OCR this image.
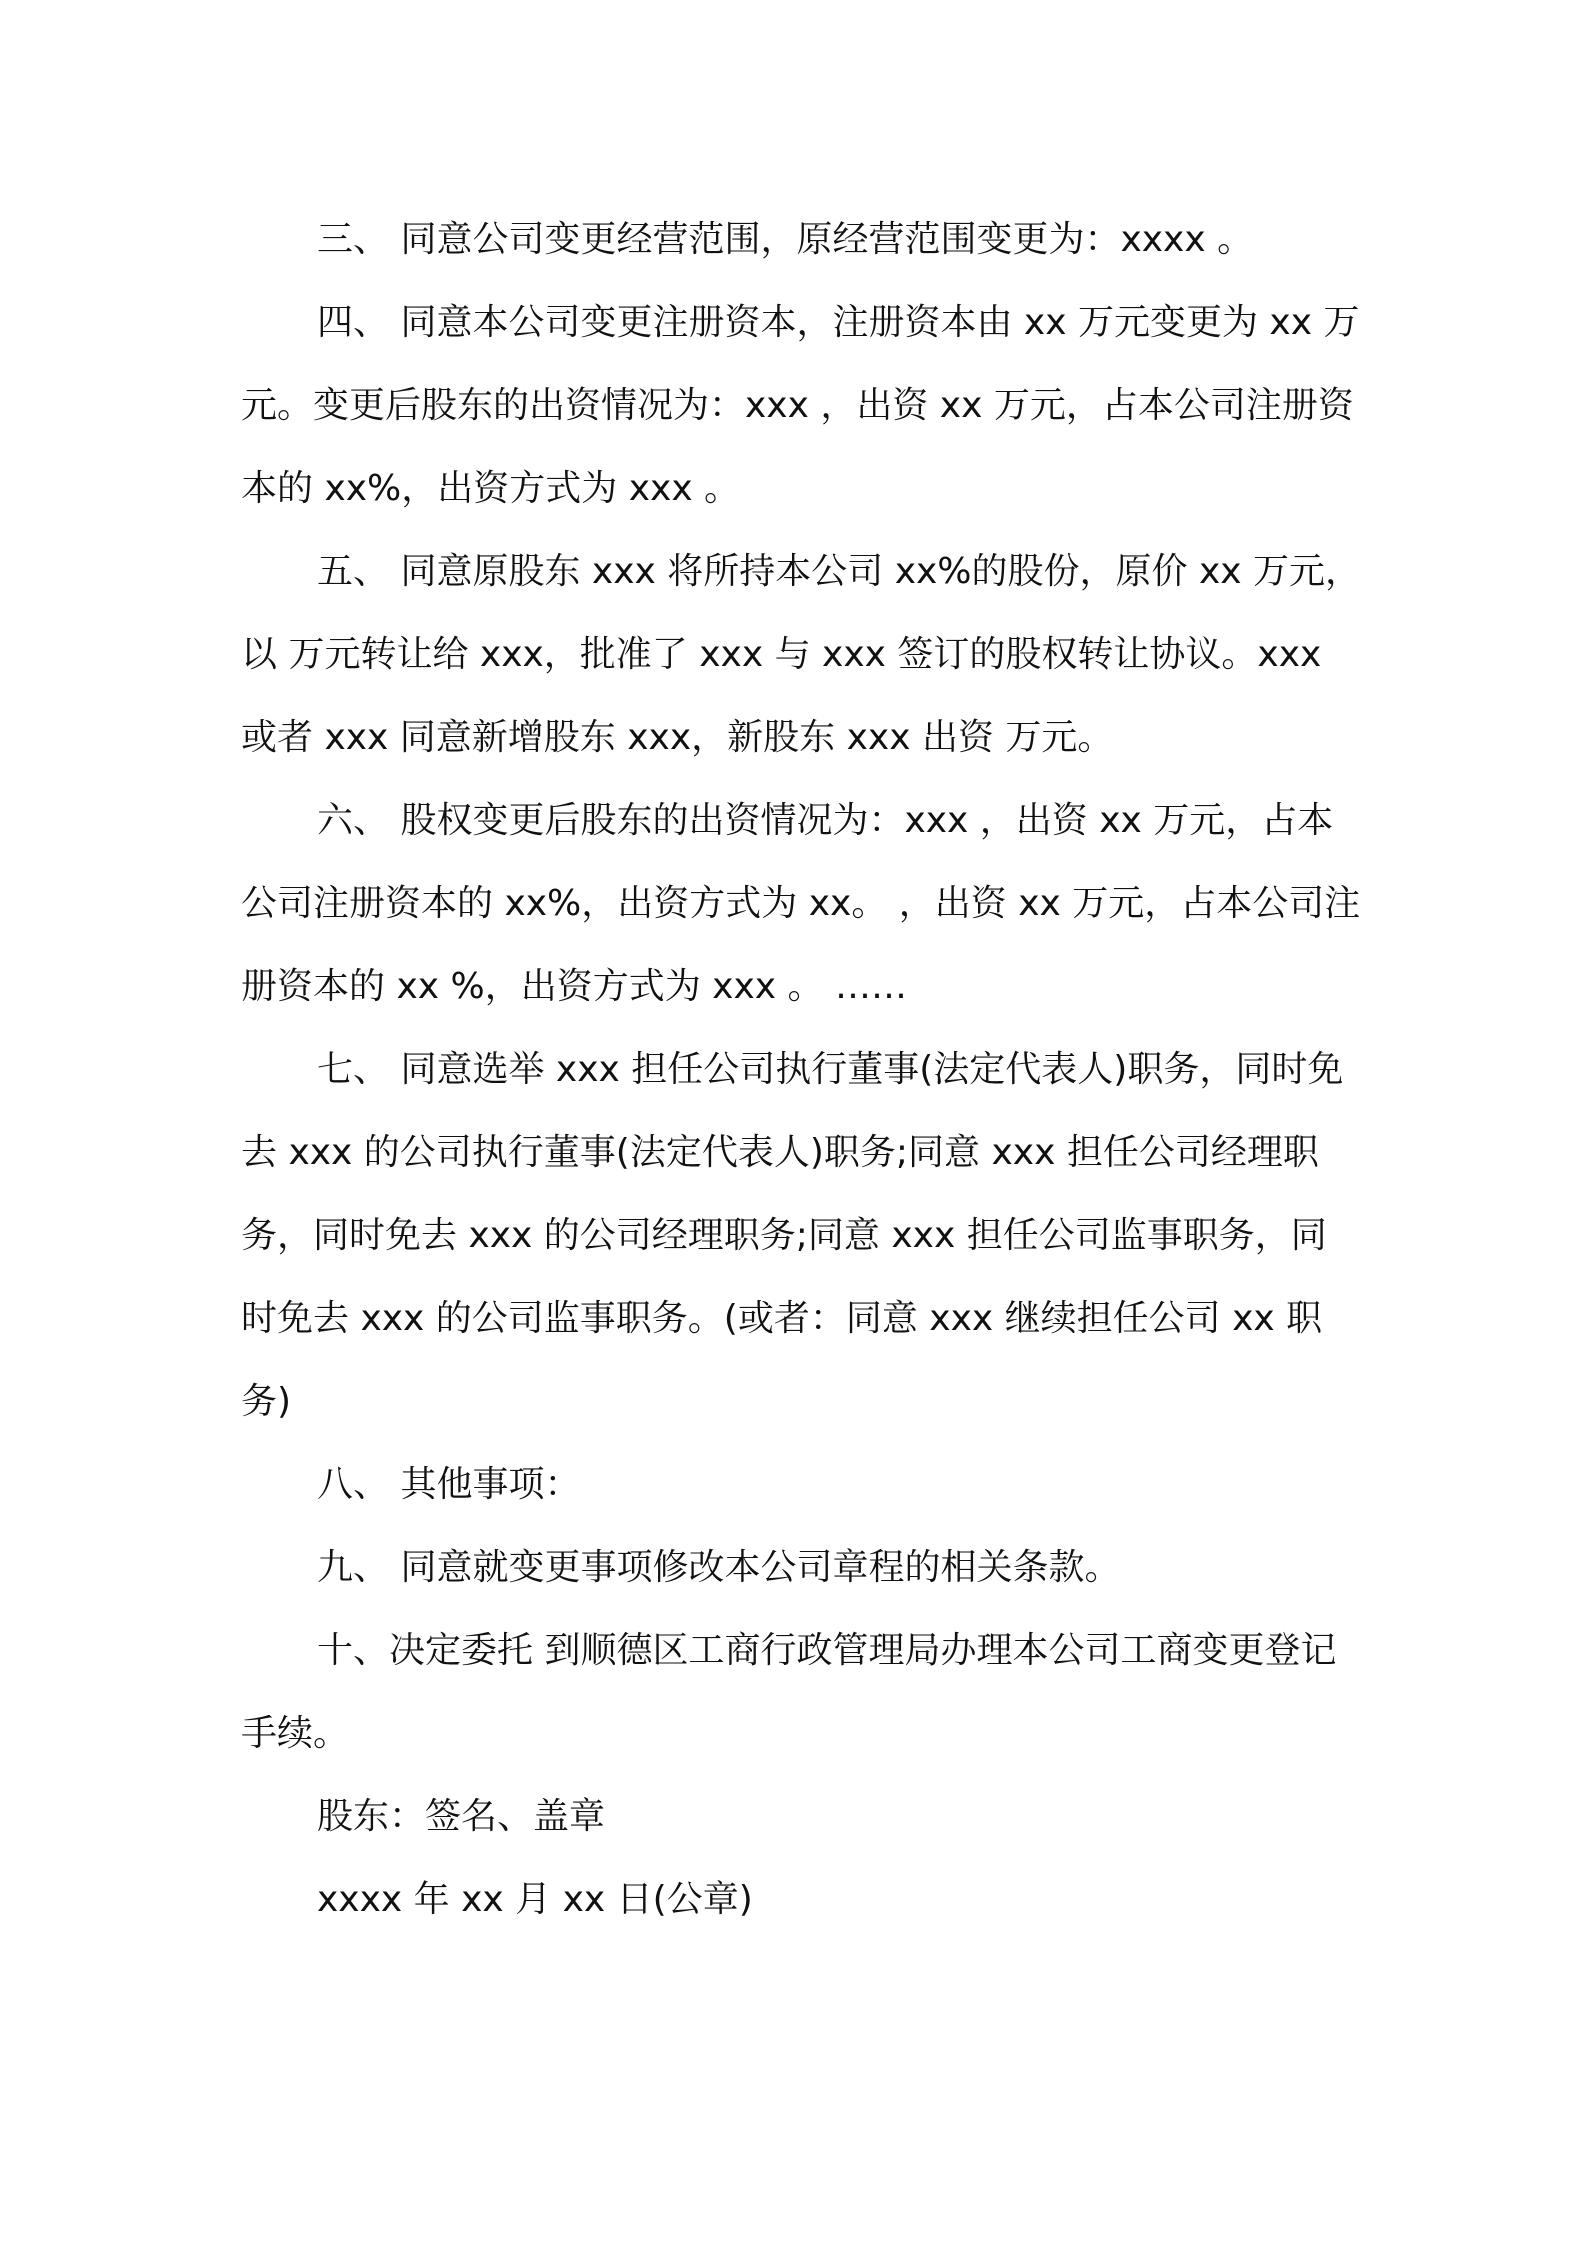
三、 同意公司变更经营范围，原经营范围变更为：xxxx 。

四、 同意本公司变更注册资本，注册资本由 xx 万元变更为 xx 万元。变更后股东的出资情况为：xxx ，出资 xx 万元，占本公司注册资本的 xx%，出资方式为 xxx 。

五、 同意原股东 xxx 将所持本公司 xx%的股份，原价 xx 万元，以 万元转让给 xxx，批准了 xxx 与 xxx 签订的股权转让协议。xxx 或者 xxx 同意新增股东 xxx，新股东 xxx 出资 万元。

六、 股权变更后股东的出资情况为：xxx ，出资 xx 万元，占本公司注册资本的 xx%，出资方式为 xx。 ，出资 xx 万元，占本公司注册资本的 xx %，出资方式为 xxx 。 ……

七、 同意选举 xxx 担任公司执行董事(法定代表人)职务，同时免去 xxx 的公司执行董事(法定代表人)职务;同意 xxx 担任公司经理职务，同时免去 xxx 的公司经理职务;同意 xxx 担任公司监事职务，同时免去 xxx 的公司监事职务。(或者：同意 xxx 继续担任公司 xx 职务)

八、 其他事项：

九、 同意就变更事项修改本公司章程的相关条款。

十、决定委托 到顺德区工商行政管理局办理本公司工商变更登记手续。

股东：签名、盖章

xxxx 年 xx 月 xx 日(公章)
